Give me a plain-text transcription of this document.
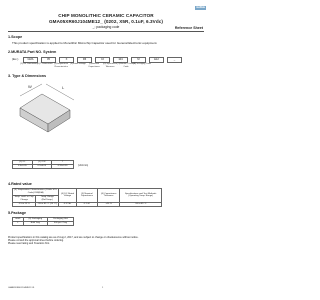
muRata
CHIP MONOLITHIC CERAMIC CAPACITOR
GMA05XR60J104ME12_ (0202, X5R, 0.1uF, 6.3Vdc)
_: packaging code	Reference Sheet
1.Scope
This product specification is applied to Monolithic Microchip Capacitor used for General Electronic equipment.
2.MURATA Part NO. System
(Ex.)	GMA	05	X	R6	0J	104	M	E12	_
(1)L/W Dimensions (2)T Dimensions (3)Temperature Characteristics
(4)Rated Voltage	(5)Nominal Capacitance
(6)Capacitance Tolerance
(7)Murata's Control Code
(8)Packaging Code
3. Type & Dimensions
W	L
(1)-1 L	(1)-2 W	T
0.5±0.05	0.5±0.05	0.35±0.05	(Unit:mm)
4.Rated value
(3) Temperature Characteristics (Public STD Code):X5R(EIA)		(4) DC Rated Voltage	(5) Nominal Capacitance	(6) Capacitance Tolerance	Specifications and Test Methods (Operating Temp. Range)
Temp. coeff. or Cap. Change	Temp. Range (Ref.Temp.)				
-15 to 15 %	-55 to 85 °C (25 °C)	6.3 Vdc	0.1 uF	±20 %	-55 to 85 °C
5.Package
mark	(8) Packaging	Packaging Unit
L	Bulk Tray	500 pcs./Tray
Product specifications in this catalog are as of Aug 2, 2017, and are subject to change or obsolescence without notice.
Please consult the approval sheet before ordering.
Please read rating and !Cautions first.
GMA05XR60J104ME12-01	1
